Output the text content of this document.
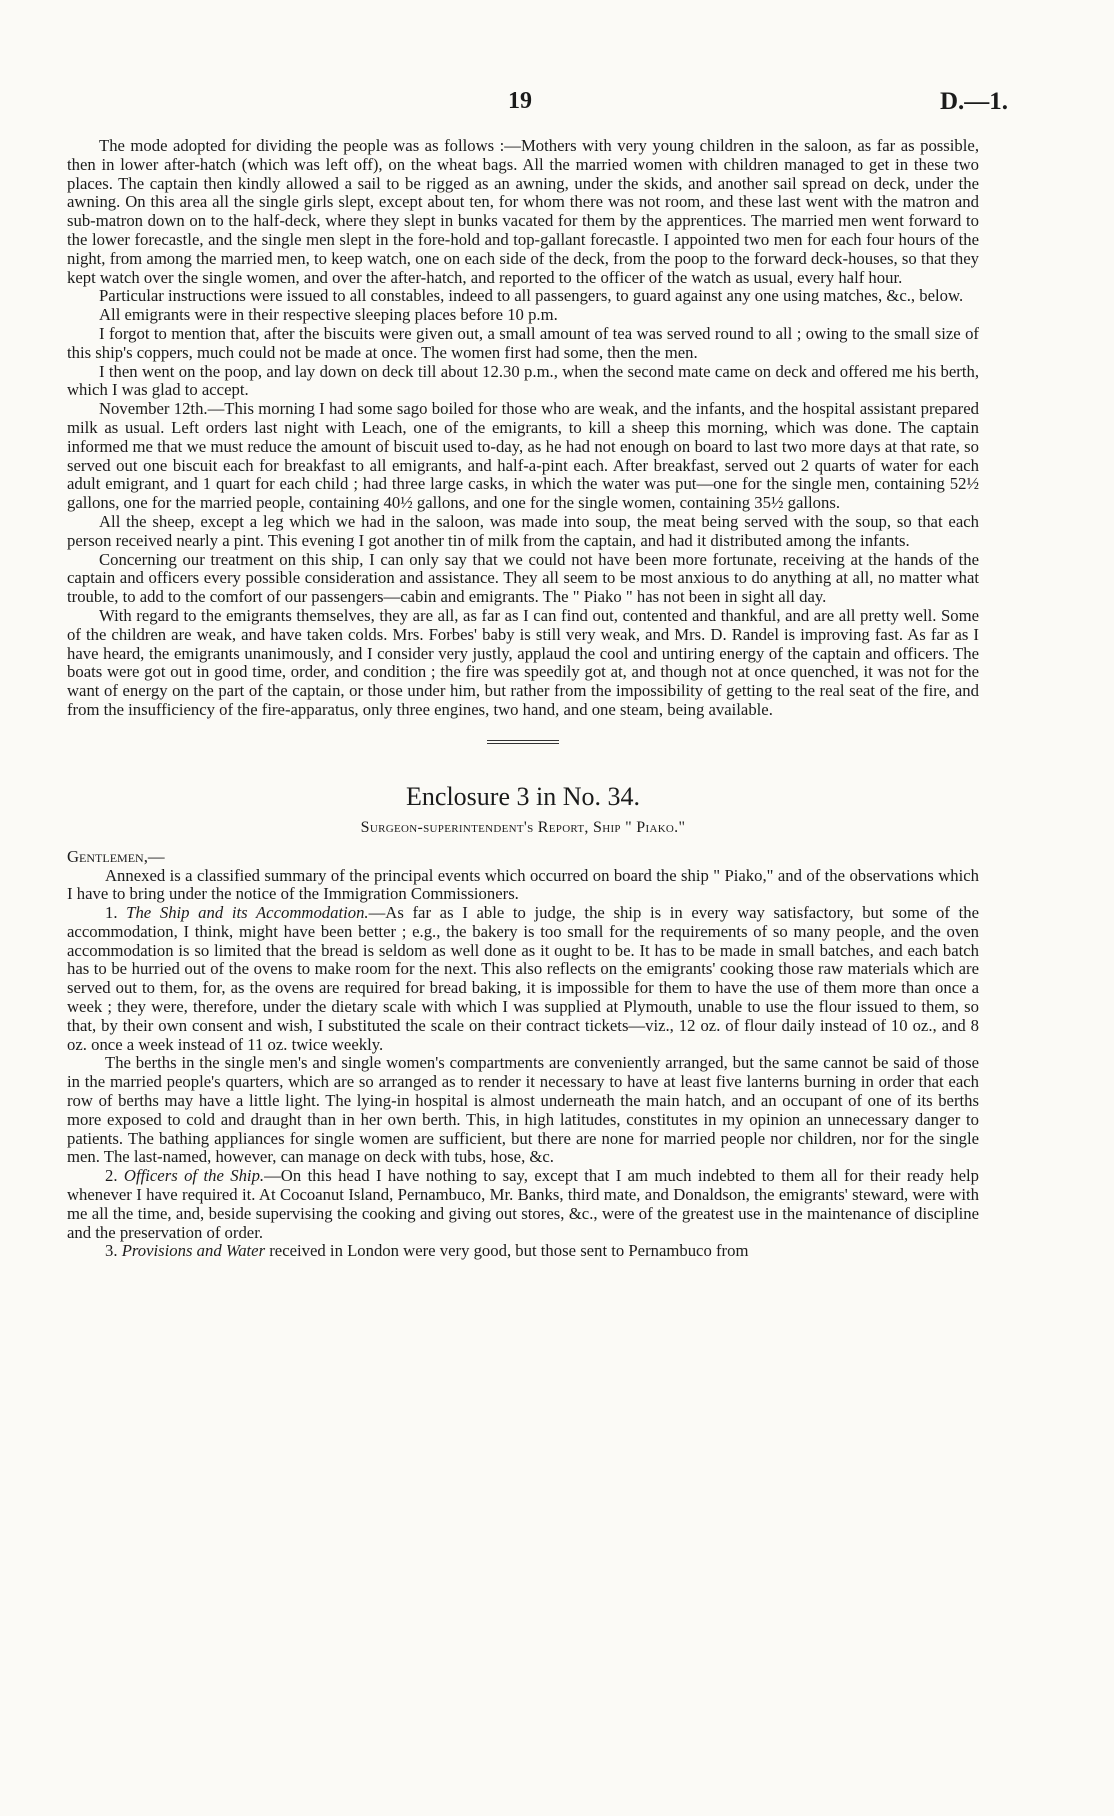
19	D.—1.

The mode adopted for dividing the people was as follows :—Mothers with very young children in the saloon, as far as possible, then in lower after-hatch (which was left off), on the wheat bags. All the married women with children managed to get in these two places. The captain then kindly allowed a sail to be rigged as an awning, under the skids, and another sail spread on deck, under the awning. On this area all the single girls slept, except about ten, for whom there was not room, and these last went with the matron and sub-matron down on to the half-deck, where they slept in bunks vacated for them by the apprentices. The married men went forward to the lower forecastle, and the single men slept in the fore-hold and top-gallant forecastle. I appointed two men for each four hours of the night, from among the married men, to keep watch, one on each side of the deck, from the poop to the forward deck-houses, so that they kept watch over the single women, and over the after-hatch, and reported to the officer of the watch as usual, every half hour.

Particular instructions were issued to all constables, indeed to all passengers, to guard against any one using matches, &c., below.

All emigrants were in their respective sleeping places before 10 p.m.

I forgot to mention that, after the biscuits were given out, a small amount of tea was served round to all ; owing to the small size of this ship's coppers, much could not be made at once. The women first had some, then the men.

I then went on the poop, and lay down on deck till about 12.30 p.m., when the second mate came on deck and offered me his berth, which I was glad to accept.

November 12th.—This morning I had some sago boiled for those who are weak, and the infants, and the hospital assistant prepared milk as usual. Left orders last night with Leach, one of the emigrants, to kill a sheep this morning, which was done. The captain informed me that we must reduce the amount of biscuit used to-day, as he had not enough on board to last two more days at that rate, so served out one biscuit each for breakfast to all emigrants, and half-a-pint each. After breakfast, served out 2 quarts of water for each adult emigrant, and 1 quart for each child ; had three large casks, in which the water was put—one for the single men, containing 52½ gallons, one for the married people, containing 40½ gallons, and one for the single women, containing 35½ gallons.

All the sheep, except a leg which we had in the saloon, was made into soup, the meat being served with the soup, so that each person received nearly a pint. This evening I got another tin of milk from the captain, and had it distributed among the infants.

Concerning our treatment on this ship, I can only say that we could not have been more fortunate, receiving at the hands of the captain and officers every possible consideration and assistance. They all seem to be most anxious to do anything at all, no matter what trouble, to add to the comfort of our passengers—cabin and emigrants. The " Piako " has not been in sight all day.

With regard to the emigrants themselves, they are all, as far as I can find out, contented and thankful, and are all pretty well. Some of the children are weak, and have taken colds. Mrs. Forbes' baby is still very weak, and Mrs. D. Randel is improving fast. As far as I have heard, the emigrants unanimously, and I consider very justly, applaud the cool and untiring energy of the captain and officers. The boats were got out in good time, order, and condition ; the fire was speedily got at, and though not at once quenched, it was not for the want of energy on the part of the captain, or those under him, but rather from the impossibility of getting to the real seat of the fire, and from the insufficiency of the fire-apparatus, only three engines, two hand, and one steam, being available.

Enclosure 3 in No. 34.
Surgeon-superintendent's Report, Ship " Piako."
Gentlemen,—

Annexed is a classified summary of the principal events which occurred on board the ship " Piako," and of the observations which I have to bring under the notice of the Immigration Commissioners.

1. The Ship and its Accommodation.—As far as I able to judge, the ship is in every way satisfactory, but some of the accommodation, I think, might have been better ; e.g., the bakery is too small for the requirements of so many people, and the oven accommodation is so limited that the bread is seldom as well done as it ought to be. It has to be made in small batches, and each batch has to be hurried out of the ovens to make room for the next. This also reflects on the emigrants' cooking those raw materials which are served out to them, for, as the ovens are required for bread baking, it is impossible for them to have the use of them more than once a week ; they were, therefore, under the dietary scale with which I was supplied at Plymouth, unable to use the flour issued to them, so that, by their own consent and wish, I substituted the scale on their contract tickets—viz., 12 oz. of flour daily instead of 10 oz., and 8 oz. once a week instead of 11 oz. twice weekly.

The berths in the single men's and single women's compartments are conveniently arranged, but the same cannot be said of those in the married people's quarters, which are so arranged as to render it necessary to have at least five lanterns burning in order that each row of berths may have a little light. The lying-in hospital is almost underneath the main hatch, and an occupant of one of its berths more exposed to cold and draught than in her own berth. This, in high latitudes, constitutes in my opinion an unnecessary danger to patients. The bathing appliances for single women are sufficient, but there are none for married people nor children, nor for the single men. The last-named, however, can manage on deck with tubs, hose, &c.

2. Officers of the Ship.—On this head I have nothing to say, except that I am much indebted to them all for their ready help whenever I have required it. At Cocoanut Island, Pernambuco, Mr. Banks, third mate, and Donaldson, the emigrants' steward, were with me all the time, and, beside supervising the cooking and giving out stores, &c., were of the greatest use in the maintenance of discipline and the preservation of order.

3. Provisions and Water received in London were very good, but those sent to Pernambuco from
